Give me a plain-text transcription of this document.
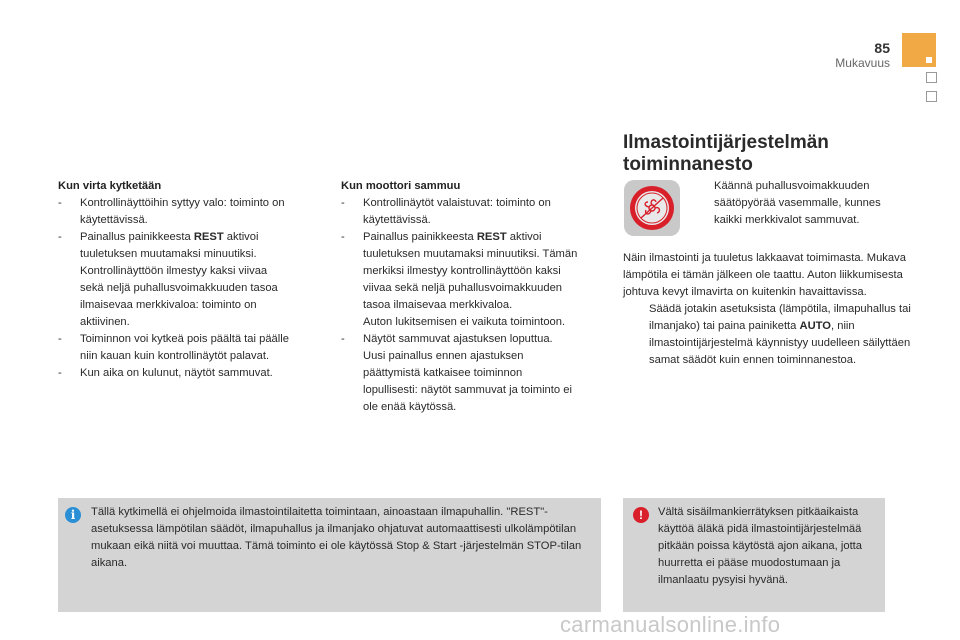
85
Mukavuus
Kun virta kytketään
- Kontrollinäyttöihin syttyy valo: toiminto on
käytettävissä.
- Painallus painikkeesta REST aktivoi
tuuletuksen muutamaksi minuutiksi.
Kontrollinäyttöön ilmestyy kaksi viivaa
sekä neljä puhallusvoimakkuuden tasoa
ilmaisevaa merkkivaloa: toiminto on
aktiivinen.
- Toiminnon voi kytkeä pois päältä tai päälle
niin kauan kuin kontrollinäytöt palavat.
- Kun aika on kulunut, näytöt sammuvat.
Kun moottori sammuu
- Kontrollinäytöt valaistuvat: toiminto on
käytettävissä.
- Painallus painikkeesta REST aktivoi
tuuletuksen muutamaksi minuutiksi. Tämän
merkiksi ilmestyy kontrollinäyttöön kaksi
viivaa sekä neljä puhallusvoimakkuuden
tasoa ilmaisevaa merkkivaloa.
Auton lukitsemisen ei vaikuta toimintoon.
- Näytöt sammuvat ajastuksen loputtua.
Uusi painallus ennen ajastuksen
päättymistä katkaisee toiminnon
lopullisesti: näytöt sammuvat ja toiminto ei
ole enää käytössä.
Ilmastointijärjestelmän
toiminnanesto
Käännä puhallusvoimakkuuden säätöpyörää vasemmalle, kunnes kaikki merkkivalot sammuvat.
Näin ilmastointi ja tuuletus lakkaavat toimimasta. Mukava lämpötila ei tämän jälkeen ole taattu. Auton liikkumisesta johtuva kevyt ilmavirta on kuitenkin havaittavissa.
Säädä jotakin asetuksista (lämpötila, ilmapuhallus tai ilmanjako) tai paina painiketta AUTO, niin ilmastointijärjestelmä käynnistyy uudelleen säilyttäen samat säädöt kuin ennen toiminnanestoa.
i	Tällä kytkimellä ei ohjelmoida ilmastointilaitetta toimintaan, ainoastaan ilmapuhallin. "REST"-asetuksessa lämpötilan säädöt, ilmapuhallus ja ilmanjako ohjatuvat automaattisesti ulkolämpötilan mukaan eikä niitä voi muuttaa. Tämä toiminto ei ole käytössä Stop & Start -järjestelmän STOP-tilan aikana.
!	Vältä sisäilmankierrätyksen pitkäaikaista käyttöä äläkä pidä ilmastointijärjestelmää pitkään poissa käytöstä ajon aikana, jotta huurretta ei pääse muodostumaan ja ilmanlaatu pysyisi hyvänä.
carmanualsonline.info
